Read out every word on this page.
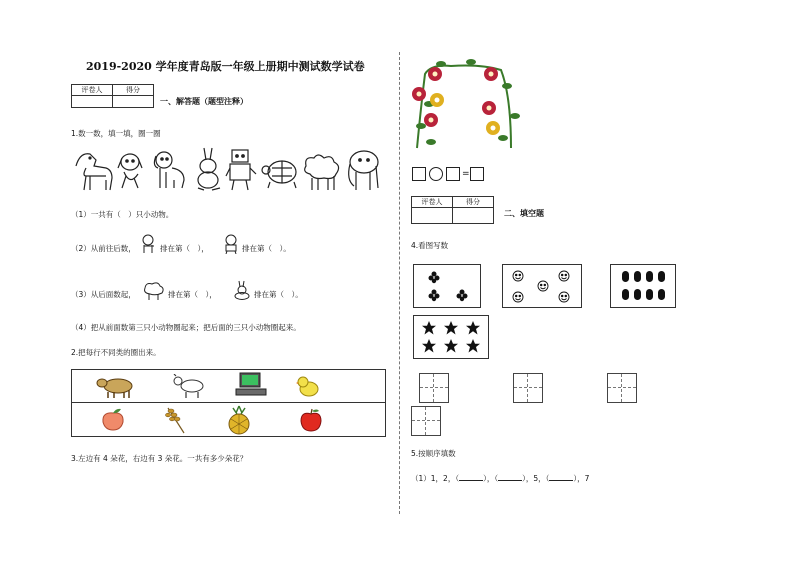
2019-2020 学年度青岛版一年级上册期中测试数学试卷
评卷人	得分

一、解答题（题型注释）
1.数一数，填一填，圈一圈
（1）一共有（　）只小动物。
（2）从前往后数，	排在第（　），	排在第（　）。
（3）从后面数起，	排在第（　），	排在第（　）。
（4）把从前面数第三只小动物圈起来；把后面的三只小动物圈起来。
2.把每行不同类的圈出来。
3.左边有 4 朵花，右边有 3 朵花。一共有多少朵花？
=
评卷人	得分

二、填空题
4.看图写数
5.按顺序填数
（1）1，2，（	），（	），5，（	），7
